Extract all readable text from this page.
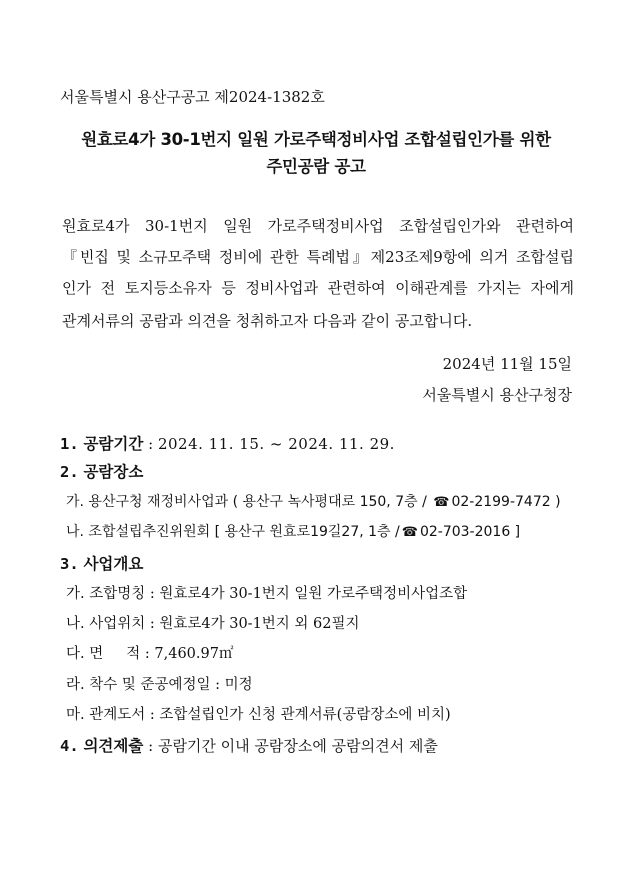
서울특별시 용산구공고 제2024-1382호
원효로4가 30-1번지 일원 가로주택정비사업 조합설립인가를 위한
주민공람 공고
원효로4가 30-1번지 일원 가로주택정비사업 조합설립인가와 관련하여
『빈집 및 소규모주택 정비에 관한 특례법』제23조제9항에 의거 조합설립
인가 전 토지등소유자 등 정비사업과 관련하여 이해관계를 가지는 자에게
관계서류의 공람과 의견을 청취하고자 다음과 같이 공고합니다.
2024년 11월 15일
서울특별시 용산구청장
1. 공람기간 : 2024. 11. 15. ~ 2024. 11. 29.
2. 공람장소
가. 용산구청 재정비사업과 ( 용산구 녹사평대로 150, 7층 / ☎ 02-2199-7472 )
나. 조합설립추진위원회 [ 용산구 원효로19길27, 1층 / ☎ 02-703-2016 ]
3. 사업개요
가. 조합명칭 : 원효로4가 30-1번지 일원 가로주택정비사업조합
나. 사업위치 : 원효로4가 30-1번지 외 62필지
다. 면     적 : 7,460.97㎡
라. 착수 및 준공예정일 : 미정
마. 관계도서 : 조합설립인가 신청 관계서류(공람장소에 비치)
4. 의견제출 : 공람기간 이내 공람장소에 공람의견서 제출
